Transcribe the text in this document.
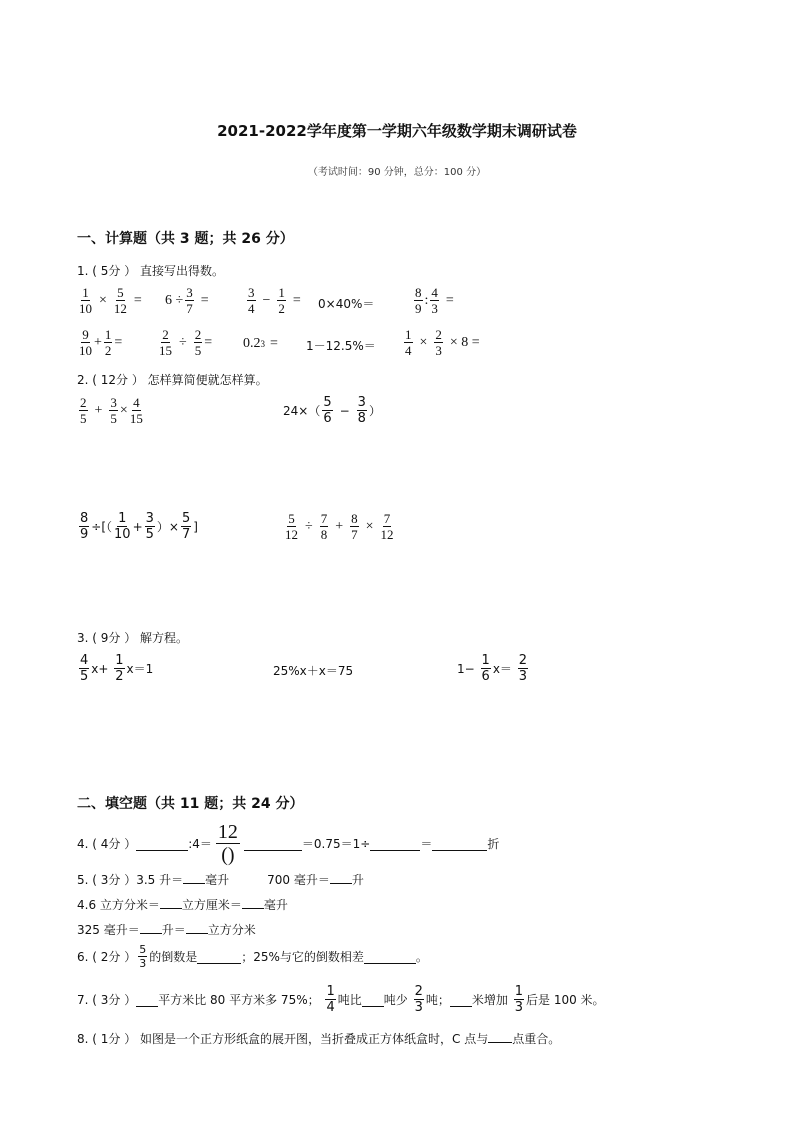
2021-2022学年度第一学期六年级数学期末调研试卷
（考试时间：90 分钟，总分：100 分）
一、计算题（共 3 题；共 26 分）
1. ( 5分 ） 直接写出得数。
$\frac{1}{10} \times \frac{5}{12} = 6 \div \frac{3}{7}$ =	$\frac{3}{4} - \frac{1}{2} = 0\times 40\%=$	$\frac{8}{9}$ : $\frac{4}{3}$ =
$\frac{9}{10} + \frac{1}{2}$ =	$\frac{2}{15} \div \frac{2}{5} = 0.2$ $3 = 1-12.5\%= \frac{1}{4} \times \frac{2}{3} \times 8$ =
2. ( 12分 ） 怎样算简便就怎样算。
$\frac{2}{5} + \frac{3}{5} \times \frac{4}{15}$	$24\times( \frac{5}{6} - \frac{3}{8}$ ）
$\frac{8}{9}$ ÷[（ $\frac{1}{10} + \frac{3}{5}$ ）× $\frac{5}{7}$ ]	$\frac{5}{12} \div \frac{7}{8} + \frac{8}{7} \times \frac{7}{12}$
3. ( 9分 ） 解方程。
$\frac{4}{5} x+$
$\frac{1}{2} x=1$	25%x＋x＝75	1−
$\frac{1}{6} x=$
$\frac{2}{3}$
二、填空题（共 11 题；共 24 分）
4. ( 4分 ）	:4＝ $\frac{12}{()}$	＝0.75＝1÷	＝	折
5. ( 3分 ）3.5 升＝ 毫升	700 毫升＝ 升
4.6 立方分米＝ 立方厘米＝ 毫升
325 毫升＝ 升＝ 立方分米
6. ( 2分 ） $\frac{5}{3}$ 的倒数是	；25%与它的倒数相差	。
7. ( 3分 ） 平方米比 80 平方米多 75%；
$\frac{1}{4}$ 吨比 吨少
$\frac{2}{3}$ 吨； 米增加
$\frac{1}{3}$ 后是 100 米。
8. ( 1分 ） 如图是一个正方形纸盒的展开图，当折叠成正方体纸盒时，C 点与 点重合。
